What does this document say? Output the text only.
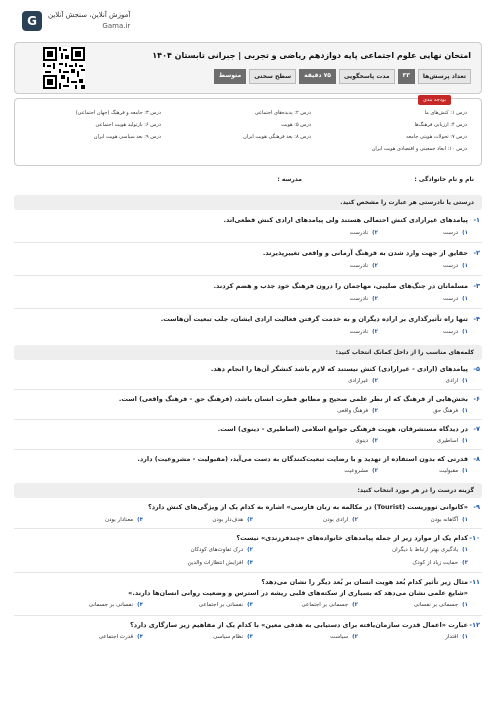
G	آموزش آنلاین، سنجش آنلاین
Gama.ir
امتحان نهایی علوم اجتماعی پایه دوازدهم ریاضی و تجربی | جبرانی تابستان ۱۴۰۴
تعداد پرسش‌ها
۳۳
مدت پاسخگویی
۷۵ دقیقه
سطح سختی
متوسط
بودجه بندی
درس ۱: کنش‌های ما
درس ۲: پدیده‌های اجتماعی
درس ۳: جامعه و فرهنگ (جهان اجتماعی)
درس ۴: ارزیابی فرهنگ‌ها
درس ۵: هویت
درس ۶: بازتولید هویت اجتماعی
درس ۷: تحولات هویتی جامعه
درس ۸: بعد فرهنگی هویت ایران
درس ۹: بعد سیاسی هویت ایران
درس ۱۰: ابعاد جمعیتی و اقتصادی هویت ایران
نام و نام خانوادگی :
مدرسه :
درستی یا نادرستی هر عبارت را مشخص کنید.
۱-
پیامدهای غیرارادی کنش احتمالی هستند ولی پیامدهای ارادی کنش قطعی‌اند.
۱)
درست
۲)
نادرست
۲-
حقایق از جهت وارد شدن به فرهنگ آرمانی و واقعی تغییرپذیرند.
۱)
درست
۲)
نادرست
۳-
مسلمانان در جنگ‌های صلیبی، مهاجمان را درون فرهنگ خود جذب و هضم کردند.
۱)
درست
۲)
نادرست
۴-
تنها راه تأثیرگذاری بر اراده دیگران و به خدمت گرفتن فعالیت ارادی ایشان، جلب تبعیت آن‌هاست.
۱)
درست
۲)
نادرست
کلمه‌های مناسب را از داخل کمانک انتخاب کنید:
۵-
پیامدهای (ارادی - غیرارادی) کنش نیستند که لازم باشد کنشگر آن‌ها را انجام دهد.
۱)
ارادی
۲)
غیرارادی
۶-
بخش‌هایی از فرهنگ که از نظر علمی صحیح و مطابق فطرت انسان باشد، (فرهنگ حق - فرهنگ واقعی) است.
۱)
فرهنگ حق
۲)
فرهنگ واقعی
۷-
در دیدگاه مستشرقان، هویت فرهنگی جوامع اسلامی (اساطیری - دینوی) است.
۱)
اساطیری
۲)
دینوی
۸-
قدرتی که بدون استفاده از تهدید و با رضایت تبعیت‌کنندگان به دست می‌آید، (مقبولیت - مشروعیت) دارد.
۱)
مقبولیت
۲)
مشروعیت
گزینه درست را در هر مورد انتخاب کنید:
۹-
«کانوانی تووریست (Tourist) در مکالمه به زبان فارسی» اشاره به کدام یک از ویژگی‌های کنش دارد؟
۱)
آگاهانه بودن
۲)
ارادی بودن
۳)
هدف‌دار بودن
۴)
معنادار بودن
۱۰-
کدام یک از موارد زیر از جمله پیامدهای خانواده‌های «چندفرزندی» نیست؟
۱)
یادگیری بهتر ارتباط با دیگران
۲)
درک تفاوت‌های کودکان
۳)
حمایت زیاد از کودک
۴)
افزایش انتظارات والدین
۱۱-
مثال زیر تأثیر کدام بُعد هویت انسان بر بُعد دیگر را نشان می‌دهد؟
«شایع علمی نشان می‌دهد که بسیاری از سکته‌های قلبی ریشه در استرس و وضعیت روانی انسان‌ها دارند.»
۱)
جسمانی بر نفسانی
۲)
جسمانی بر اجتماعی
۳)
نفسانی بر اجتماعی
۴)
نفسانی بر جسمانی
۱۲-
عبارت «اعمال قدرت سازمان‌یافته برای دستیابی به هدفی معین» با کدام یک از مفاهیم زیر سازگاری دارد؟
۱)
اقتدار
۲)
سیاست
۳)
نظام سیاسی
۴)
قدرت اجتماعی
